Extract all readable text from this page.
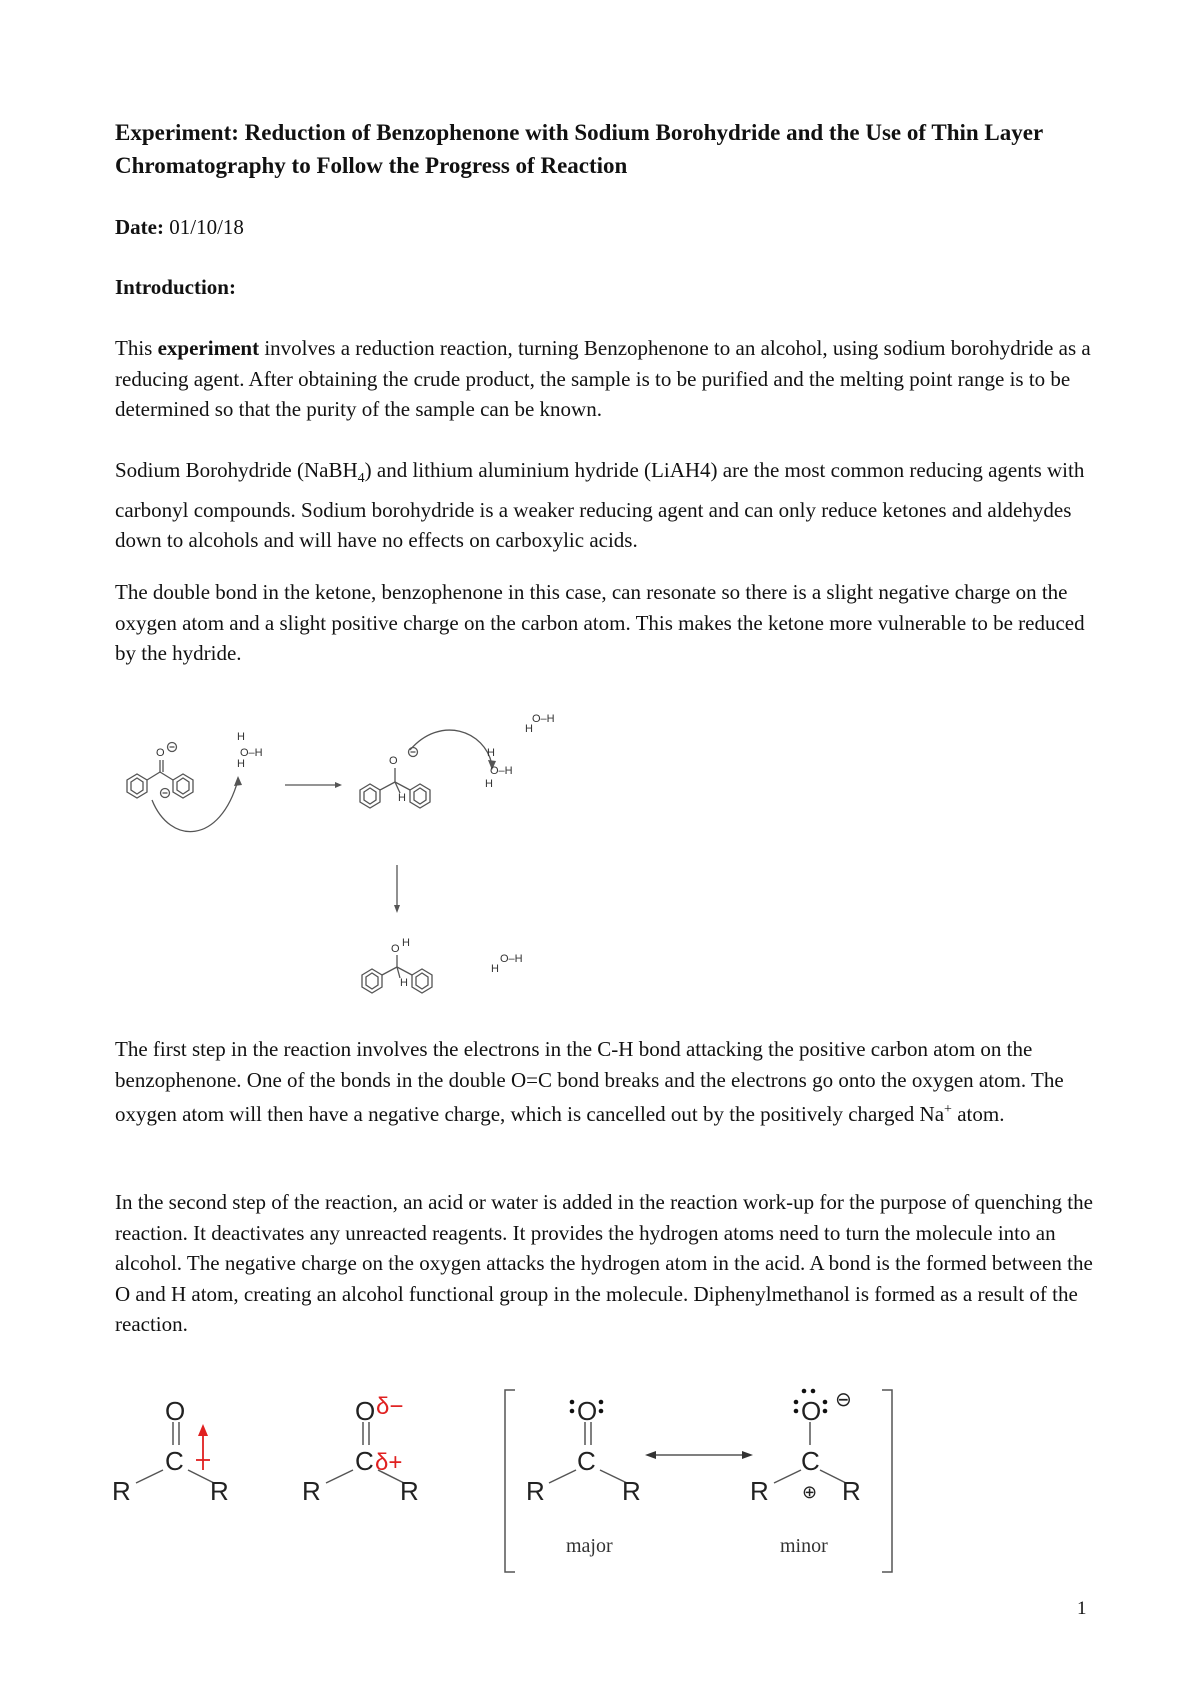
Experiment: Reduction of Benzophenone with Sodium Borohydride and the Use of Thin Layer Chromatography to Follow the Progress of Reaction
Date: 01/10/18
Introduction:

This experiment involves a reduction reaction, turning Benzophenone to an alcohol, using sodium borohydride as a reducing agent. After obtaining the crude product, the sample is to be purified and the melting point range is to be determined so that the purity of the sample can be known.

Sodium Borohydride (NaBH$_4$) and lithium aluminium hydride (LiAH4) are the most common reducing agents with carbonyl compounds. Sodium borohydride is a weaker reducing agent and can only reduce ketones and aldehydes down to alcohols and will have no effects on carboxylic acids.

The double bond in the ketone, benzophenone in this case, can resonate so there is a slight negative charge on the oxygen atom and a slight positive charge on the carbon atom. This makes the ketone more vulnerable to be reduced by the hydride.

O
H
O–H
H	O
H
H
O–H
H
O–H
H
O H
H
O–H
H

The first step in the reaction involves the electrons in the C-H bond attacking the positive carbon atom on the benzophenone. One of the bonds in the double O=C bond breaks and the electrons go onto the oxygen atom. The oxygen atom will then have a negative charge, which is cancelled out by the positively charged Na+ atom.

In the second step of the reaction, an acid or water is added in the reaction work-up for the purpose of quenching the reaction. It deactivates any unreacted reagents. It provides the hydrogen atoms need to turn the molecule into an alcohol. The negative charge on the oxygen attacks the hydrogen atom in the acid. A bond is the formed between the O and H atom, creating an alcohol functional group in the molecule. Diphenylmethanol is formed as a result of the reaction.

O
C
R	R
O
C
R	R
O
C
R	R
O
C
R	R
δ−
δ+
⊖
⊕
major	minor
1
